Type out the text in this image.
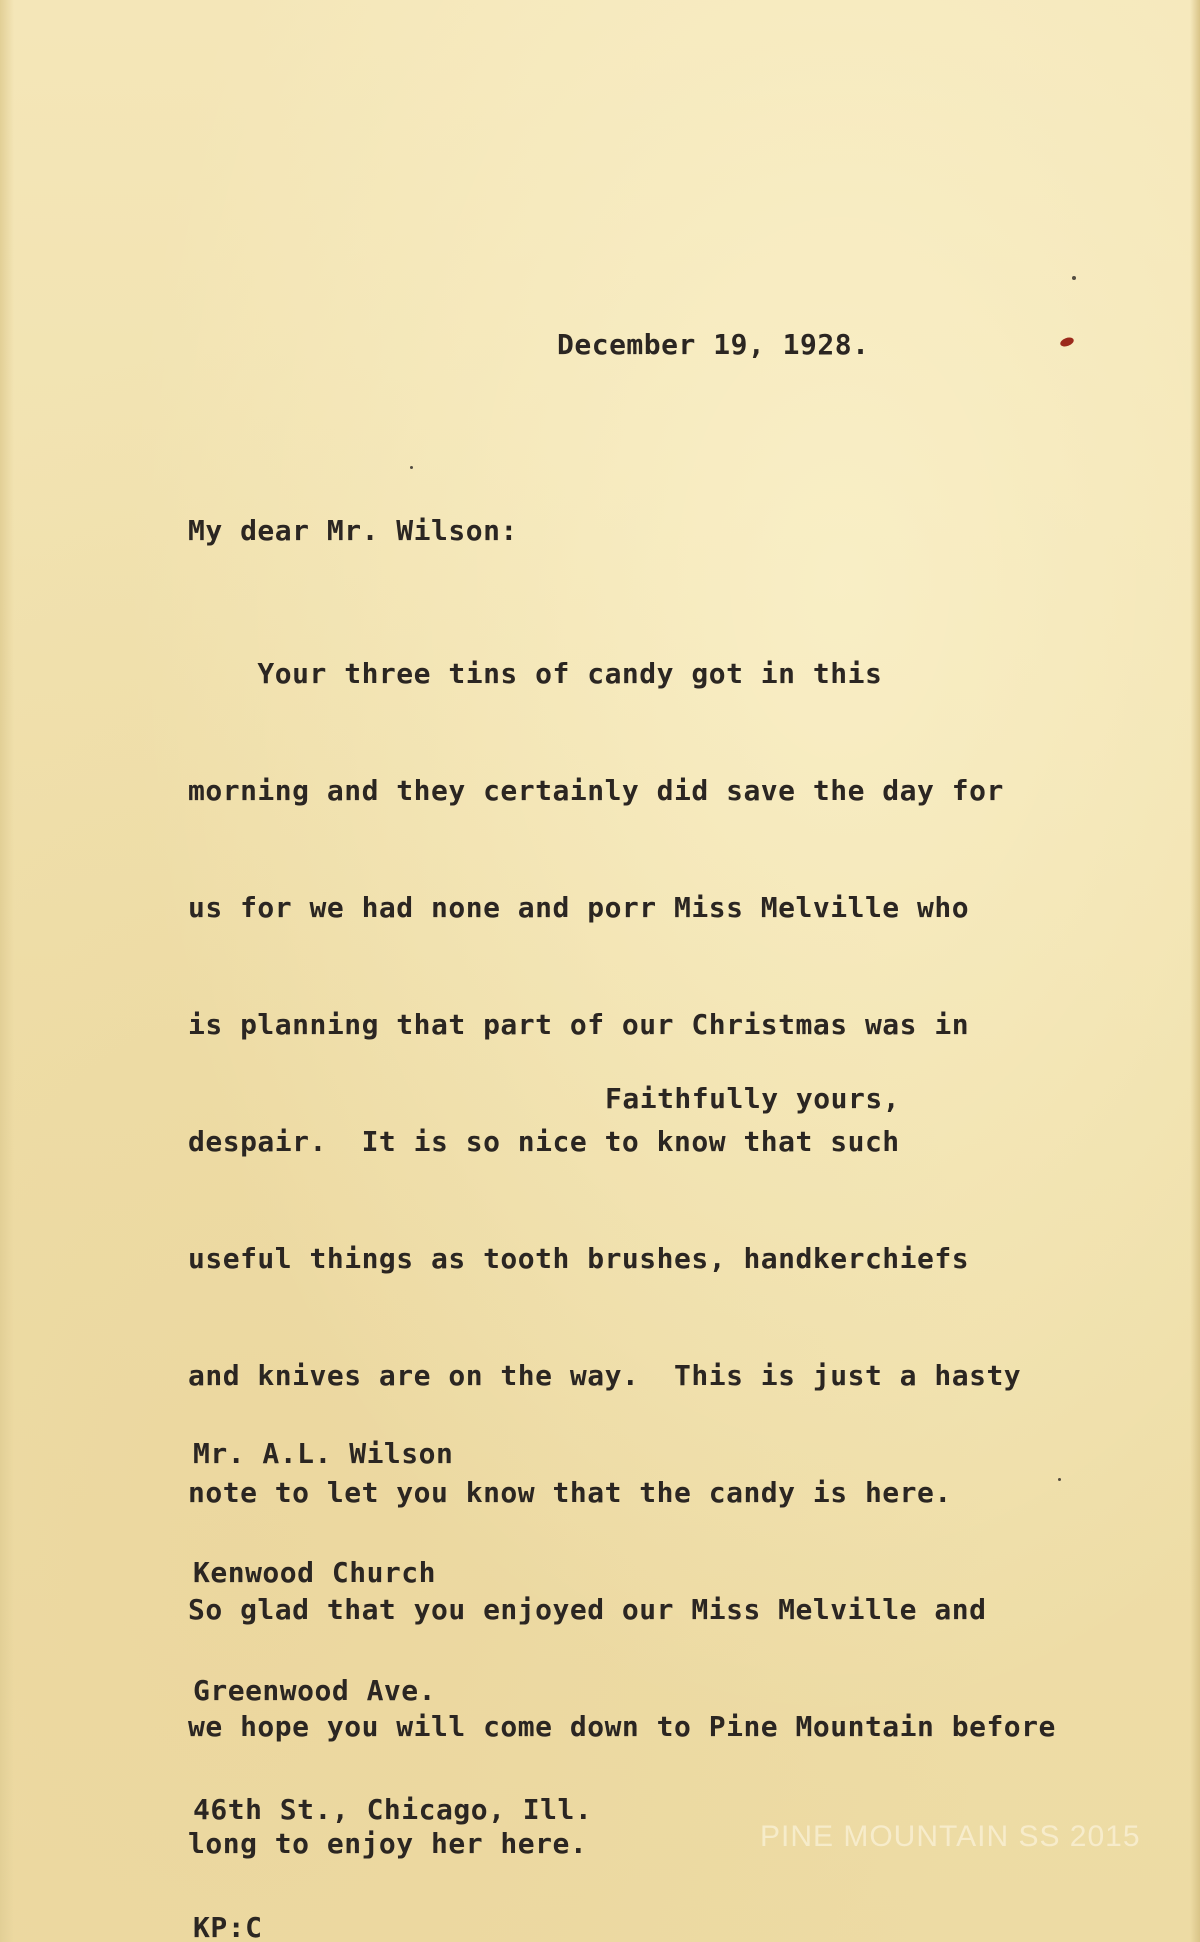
December 19, 1928.

My dear Mr. Wilson:

Your three tins of candy got in this

morning and they certainly did save the day for

us for we had none and porr Miss Melville who

is planning that part of our Christmas was in

despair.  It is so nice to know that such

useful things as tooth brushes, handkerchiefs

and knives are on the way.  This is just a hasty

note to let you know that the candy is here.

So glad that you enjoyed our Miss Melville and

we hope you will come down to Pine Mountain before

long to enjoy her here.

Faithfully yours,

Mr. A.L. Wilson

Kenwood Church

Greenwood Ave.

46th St., Chicago, Ill.

KP:C

PINE MOUNTAIN SS 2015
